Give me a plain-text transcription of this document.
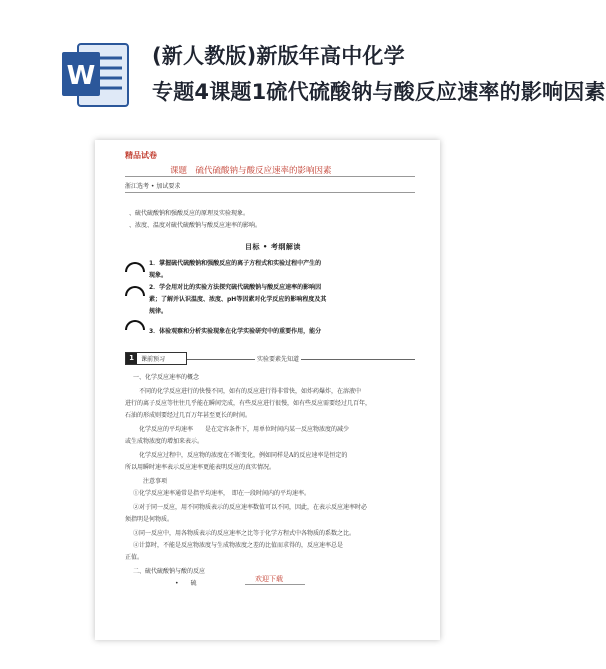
W
(新人教版)新版年高中化学
专题4课题1硫代硫酸钠与酸反应速率的影响因素
精品试卷
课题　硫代硫酸钠与酸反应速率的影响因素
浙江选考 • 加试要求
、硫代硫酸钠和强酸反应的原理及实验现象。
、浓度、温度对硫代硫酸钠与酸反应速率的影响。
目标 • 考纲解读
1．掌握硫代硫酸钠和强酸反应的离子方程式和实验过程中产生的
现象。
2．学会用对比的实验方法探究硫代硫酸钠与酸反应速率的影响因
素；了解并认识温度、浓度、pH等因素对化学反应的影响程度及其
规律。
3．体验观察和分析实验现象在化学实验研究中的重要作用，能分
1	课前预习	实验要素先知道
一、化学反应速率的概念
不同的化学反应进行的快慢不同，如有的反应进行得非常快，如炸药爆炸，在溶液中
进行的离子反应等往往几乎能在瞬间完成，有些反应进行很慢，如有些反应需要经过几百年，
石油的形成则要经过几百万年甚至更长的时间。
化学反应的平均速率　　是在定容条件下，用单位时间内某一反应物浓度的减少
或生成物浓度的增加来表示。
化学反应过程中，反应物的浓度在不断变化，例如同样是A的反应速率是恒定的
所以用瞬时速率表示反应速率更能表明反应的真实情况。
注意事项
①化学反应速率通常是指平均速率，　即在一段时间内的平均速率。
②对于同一反应，用不同物质表示的反应速率数值可以不同，因此，在表示反应速率时必
须指明是何物质。
③同一反应中，用各物质表示的反应速率之比等于化学方程式中各物质的系数之比。
④计算时，不能是反应物浓度与生成物浓度之差的比值而求得的，反应速率总是
正值。
二、硫代硫酸钠与酸的反应
•　　硫
欢迎下载
